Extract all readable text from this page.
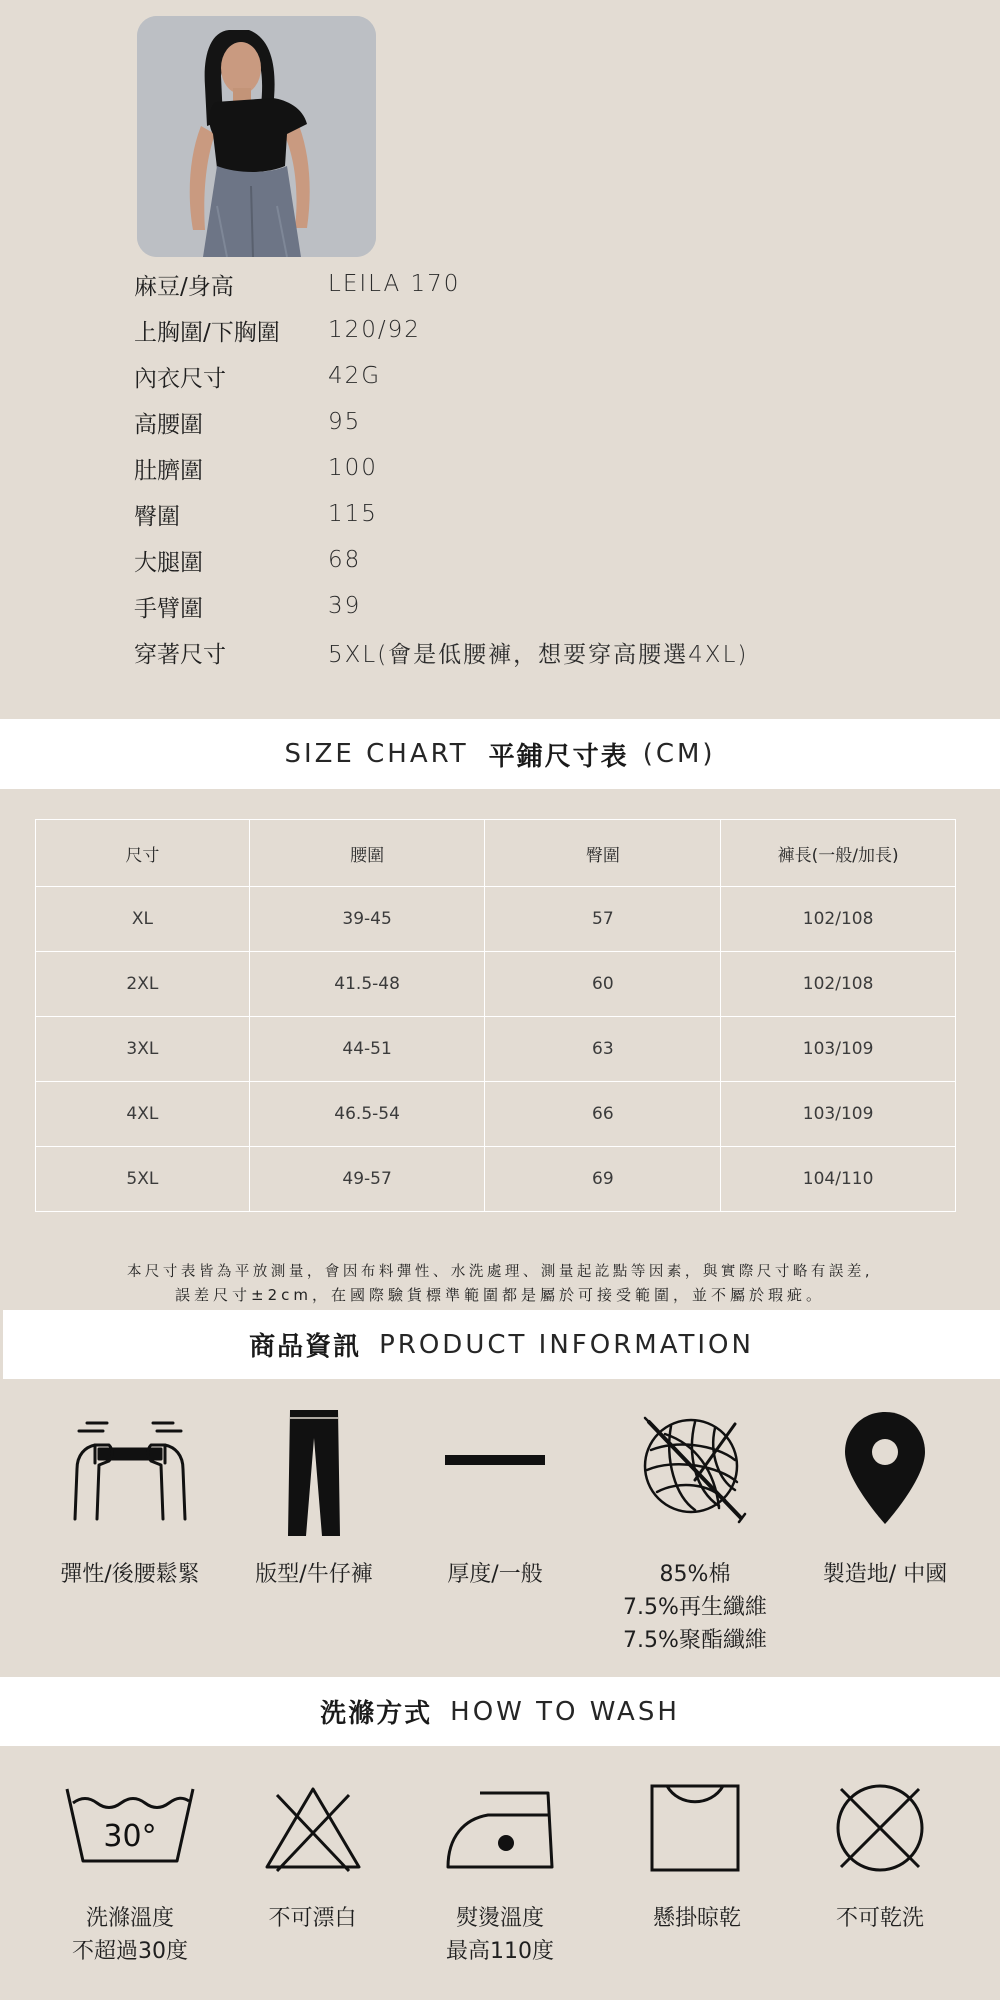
麻豆/身高	LEILA 170
上胸圍/下胸圍	120/92
內衣尺寸	42G
高腰圍	95
肚臍圍	100
臀圍	115
大腿圍	68
手臂圍	39
穿著尺寸	5XL(會是低腰褲，想要穿高腰選4XL)
SIZE CHART 平鋪尺寸表 (CM)
尺寸	腰圍	臀圍	褲長(一般/加長)
XL	39-45	57	102/108
2XL	41.5-48	60	102/108
3XL	44-51	63	103/109
4XL	46.5-54	66	103/109
5XL	49-57	69	104/110
本尺寸表皆為平放測量，會因布料彈性、水洗處理、測量起訖點等因素，與實際尺寸略有誤差,
誤差尺寸±2cm，在國際驗貨標準範圍都是屬於可接受範圍，並不屬於瑕疵。
商品資訊 PRODUCT INFORMATION
彈性/後腰鬆緊	版型/牛仔褲	厚度/一般	85%棉
7.5%再生纖維
7.5%聚酯纖維
製造地/ 中國
洗滌方式 HOW TO WASH
30°
洗滌溫度
不超過30度
不可漂白	熨燙溫度
最高110度
懸掛晾乾	不可乾洗
